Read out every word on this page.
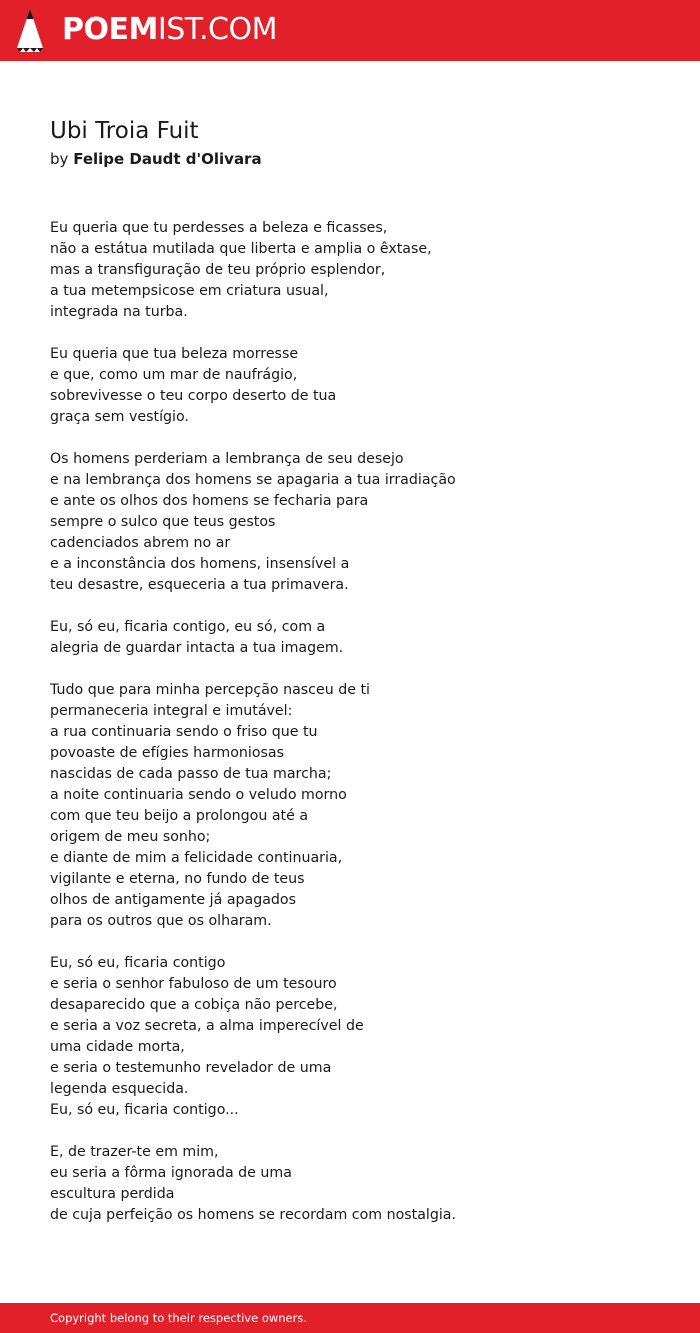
POEMIST.COM
Ubi Troia Fuit
by Felipe Daudt d'Olivara
Eu queria que tu perdesses a beleza e ficasses,
não a estátua mutilada que liberta e amplia o êxtase,
mas a transfiguração de teu próprio esplendor,
a tua metempsicose em criatura usual,
integrada na turba.
Eu queria que tua beleza morresse
e que, como um mar de naufrágio,
sobrevivesse o teu corpo deserto de tua
graça sem vestígio.
Os homens perderiam a lembrança de seu desejo
e na lembrança dos homens se apagaria a tua irradiação
e ante os olhos dos homens se fecharia para
sempre o sulco que teus gestos
cadenciados abrem no ar
e a inconstância dos homens, insensível a
teu desastre, esqueceria a tua primavera.
Eu, só eu, ficaria contigo, eu só, com a
alegria de guardar intacta a tua imagem.
Tudo que para minha percepção nasceu de ti
permaneceria integral e imutável:
a rua continuaria sendo o friso que tu
povoaste de efígies harmoniosas
nascidas de cada passo de tua marcha;
a noite continuaria sendo o veludo morno
com que teu beijo a prolongou até a
origem de meu sonho;
e diante de mim a felicidade continuaria,
vigilante e eterna, no fundo de teus
olhos de antigamente já apagados
para os outros que os olharam.
Eu, só eu, ficaria contigo
e seria o senhor fabuloso de um tesouro
desaparecido que a cobiça não percebe,
e seria a voz secreta, a alma imperecível de
uma cidade morta,
e seria o testemunho revelador de uma
legenda esquecida.
Eu, só eu, ficaria contigo...
E, de trazer-te em mim,
eu seria a fôrma ignorada de uma
escultura perdida
de cuja perfeição os homens se recordam com nostalgia.
Copyright belong to their respective owners.
